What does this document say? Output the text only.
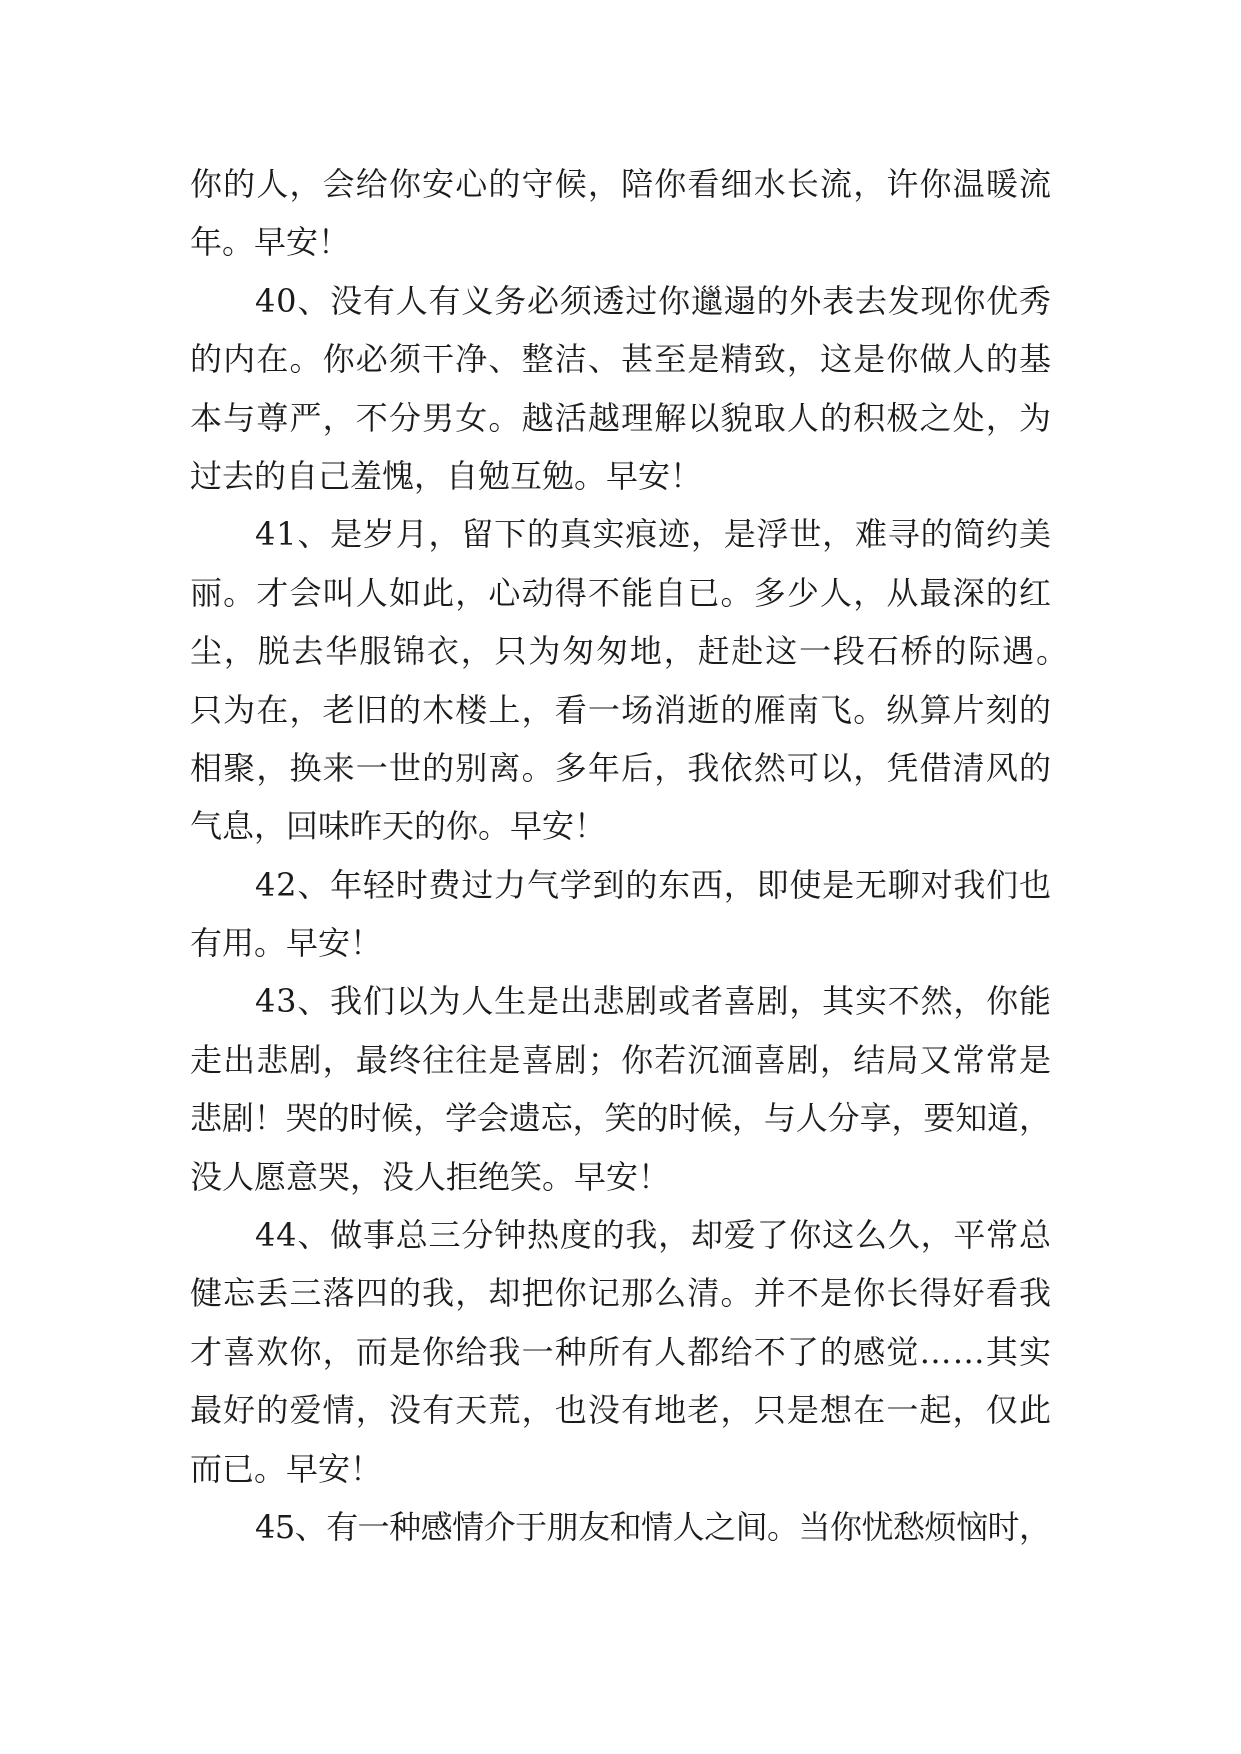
你的人，会给你安心的守候，陪你看细水长流，许你温暖流
年。早安！
40、没有人有义务必须透过你邋遢的外表去发现你优秀
的内在。你必须干净、整洁、甚至是精致，这是你做人的基
本与尊严，不分男女。越活越理解以貌取人的积极之处，为
过去的自己羞愧，自勉互勉。早安！
41、是岁月，留下的真实痕迹，是浮世，难寻的简约美
丽。才会叫人如此，心动得不能自已。多少人，从最深的红
尘，脱去华服锦衣，只为匆匆地，赶赴这一段石桥的际遇。
只为在，老旧的木楼上，看一场消逝的雁南飞。纵算片刻的
相聚，换来一世的别离。多年后，我依然可以，凭借清风的
气息，回味昨天的你。早安！
42、年轻时费过力气学到的东西，即使是无聊对我们也
有用。早安！
43、我们以为人生是出悲剧或者喜剧，其实不然，你能
走出悲剧，最终往往是喜剧；你若沉湎喜剧，结局又常常是
悲剧！哭的时候，学会遗忘，笑的时候，与人分享，要知道，
没人愿意哭，没人拒绝笑。早安！
44、做事总三分钟热度的我，却爱了你这么久，平常总
健忘丢三落四的我，却把你记那么清。并不是你长得好看我
才喜欢你，而是你给我一种所有人都给不了的感觉……其实
最好的爱情，没有天荒，也没有地老，只是想在一起，仅此
而已。早安！
45、有一种感情介于朋友和情人之间。当你忧愁烦恼时，
